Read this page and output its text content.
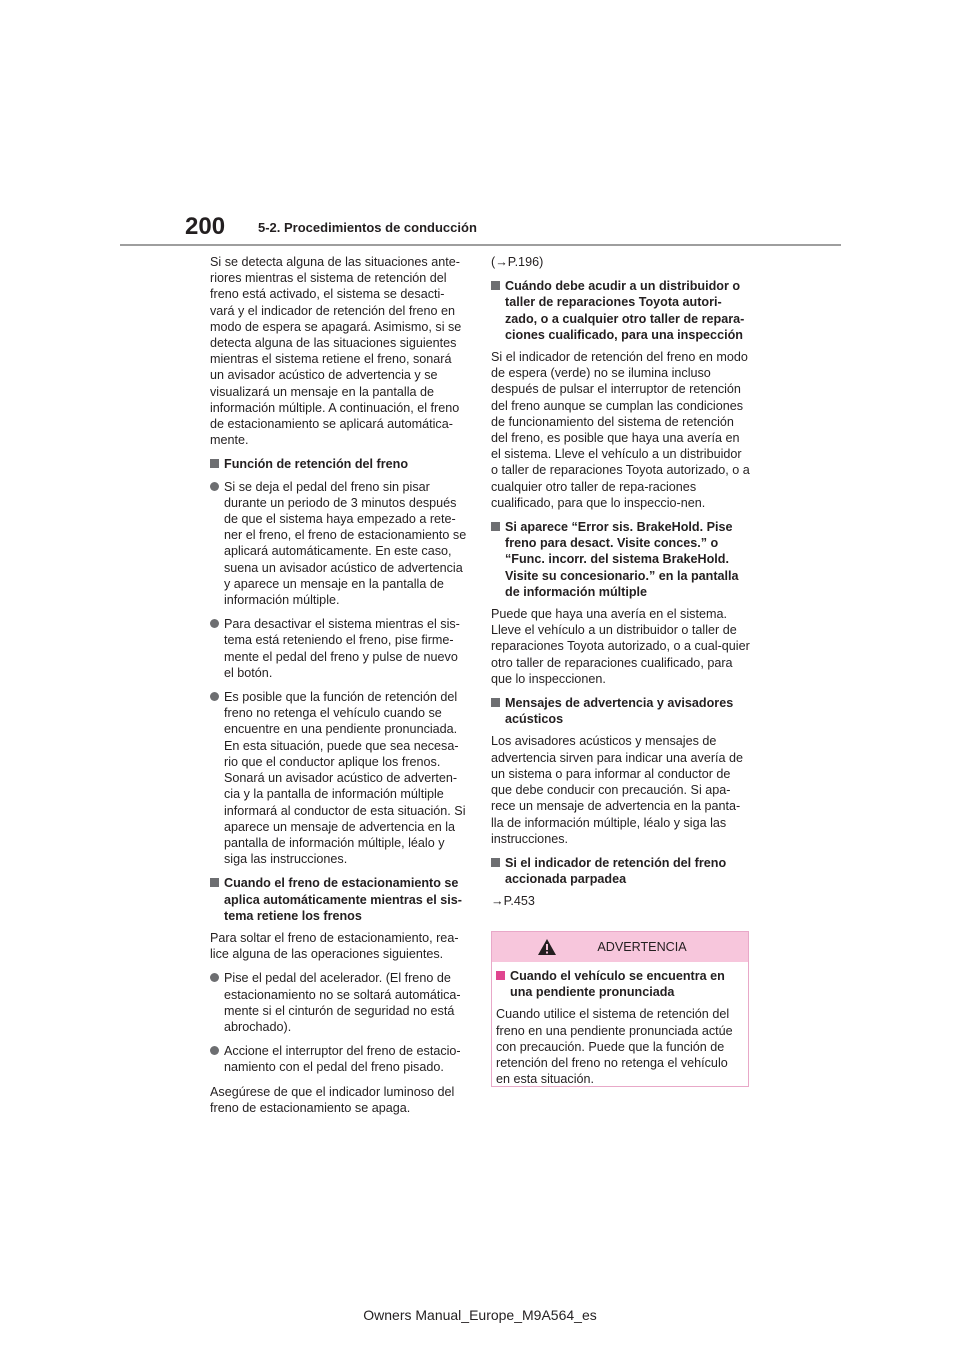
200	5-2. Procedimientos de conducción

Si se detecta alguna de las situaciones ante-riores mientras el sistema de retención del freno está activado, el sistema se desacti-vará y el indicador de retención del freno en modo de espera se apagará. Asimismo, si se detecta alguna de las situaciones siguientes mientras el sistema retiene el freno, sonará un avisador acústico de advertencia y se visualizará un mensaje en la pantalla de información múltiple. A continuación, el freno de estacionamiento se aplicará automática-mente.

Función de retención del freno
Si se deja el pedal del freno sin pisar durante un periodo de 3 minutos después de que el sistema haya empezado a rete-ner el freno, el freno de estacionamiento se aplicará automáticamente. En este caso, suena un avisador acústico de advertencia y aparece un mensaje en la pantalla de información múltiple.
Para desactivar el sistema mientras el sis-tema está reteniendo el freno, pise firme-mente el pedal del freno y pulse de nuevo el botón.
Es posible que la función de retención del freno no retenga el vehículo cuando se encuentre en una pendiente pronunciada. En esta situación, puede que sea necesa-rio que el conductor aplique los frenos. Sonará un avisador acústico de adverten-cia y la pantalla de información múltiple informará al conductor de esta situación. Si aparece un mensaje de advertencia en la pantalla de información múltiple, léalo y siga las instrucciones.
Cuando el freno de estacionamiento se aplica automáticamente mientras el sis-tema retiene los frenos

Para soltar el freno de estacionamiento, rea-lice alguna de las operaciones siguientes.

Pise el pedal del acelerador. (El freno de estacionamiento no se soltará automática-mente si el cinturón de seguridad no está abrochado).
Accione el interruptor del freno de estacio-namiento con el pedal del freno pisado.

Asegúrese de que el indicador luminoso del freno de estacionamiento se apaga.

(→P.196)

Cuándo debe acudir a un distribuidor o taller de reparaciones Toyota autori-zado, o a cualquier otro taller de repara-ciones cualificado, para una inspección

Si el indicador de retención del freno en modo de espera (verde) no se ilumina incluso después de pulsar el interruptor de retención del freno aunque se cumplan las condiciones de funcionamiento del sistema de retención del freno, es posible que haya una avería en el sistema. Lleve el vehículo a un distribuidor o taller de reparaciones Toyota autorizado, o a cualquier otro taller de repa-raciones cualificado, para que lo inspeccio-nen.

Si aparece “Error sis. BrakeHold. Pise freno para desact. Visite conces.” o “Func. incorr. del sistema BrakeHold. Visite su concesionario.” en la pantalla de información múltiple

Puede que haya una avería en el sistema. Lleve el vehículo a un distribuidor o taller de reparaciones Toyota autorizado, o a cual-quier otro taller de reparaciones cualificado, para que lo inspeccionen.

Mensajes de advertencia y avisadores acústicos

Los avisadores acústicos y mensajes de advertencia sirven para indicar una avería de un sistema o para informar al conductor de que debe conducir con precaución. Si apa-rece un mensaje de advertencia en la panta-lla de información múltiple, léalo y siga las instrucciones.

Si el indicador de retención del freno accionada parpadea

→P.453

ADVERTENCIA
Cuando el vehículo se encuentra en una pendiente pronunciada

Cuando utilice el sistema de retención del freno en una pendiente pronunciada actúe con precaución. Puede que la función de retención del freno no retenga el vehículo en esta situación.

Owners Manual_Europe_M9A564_es
